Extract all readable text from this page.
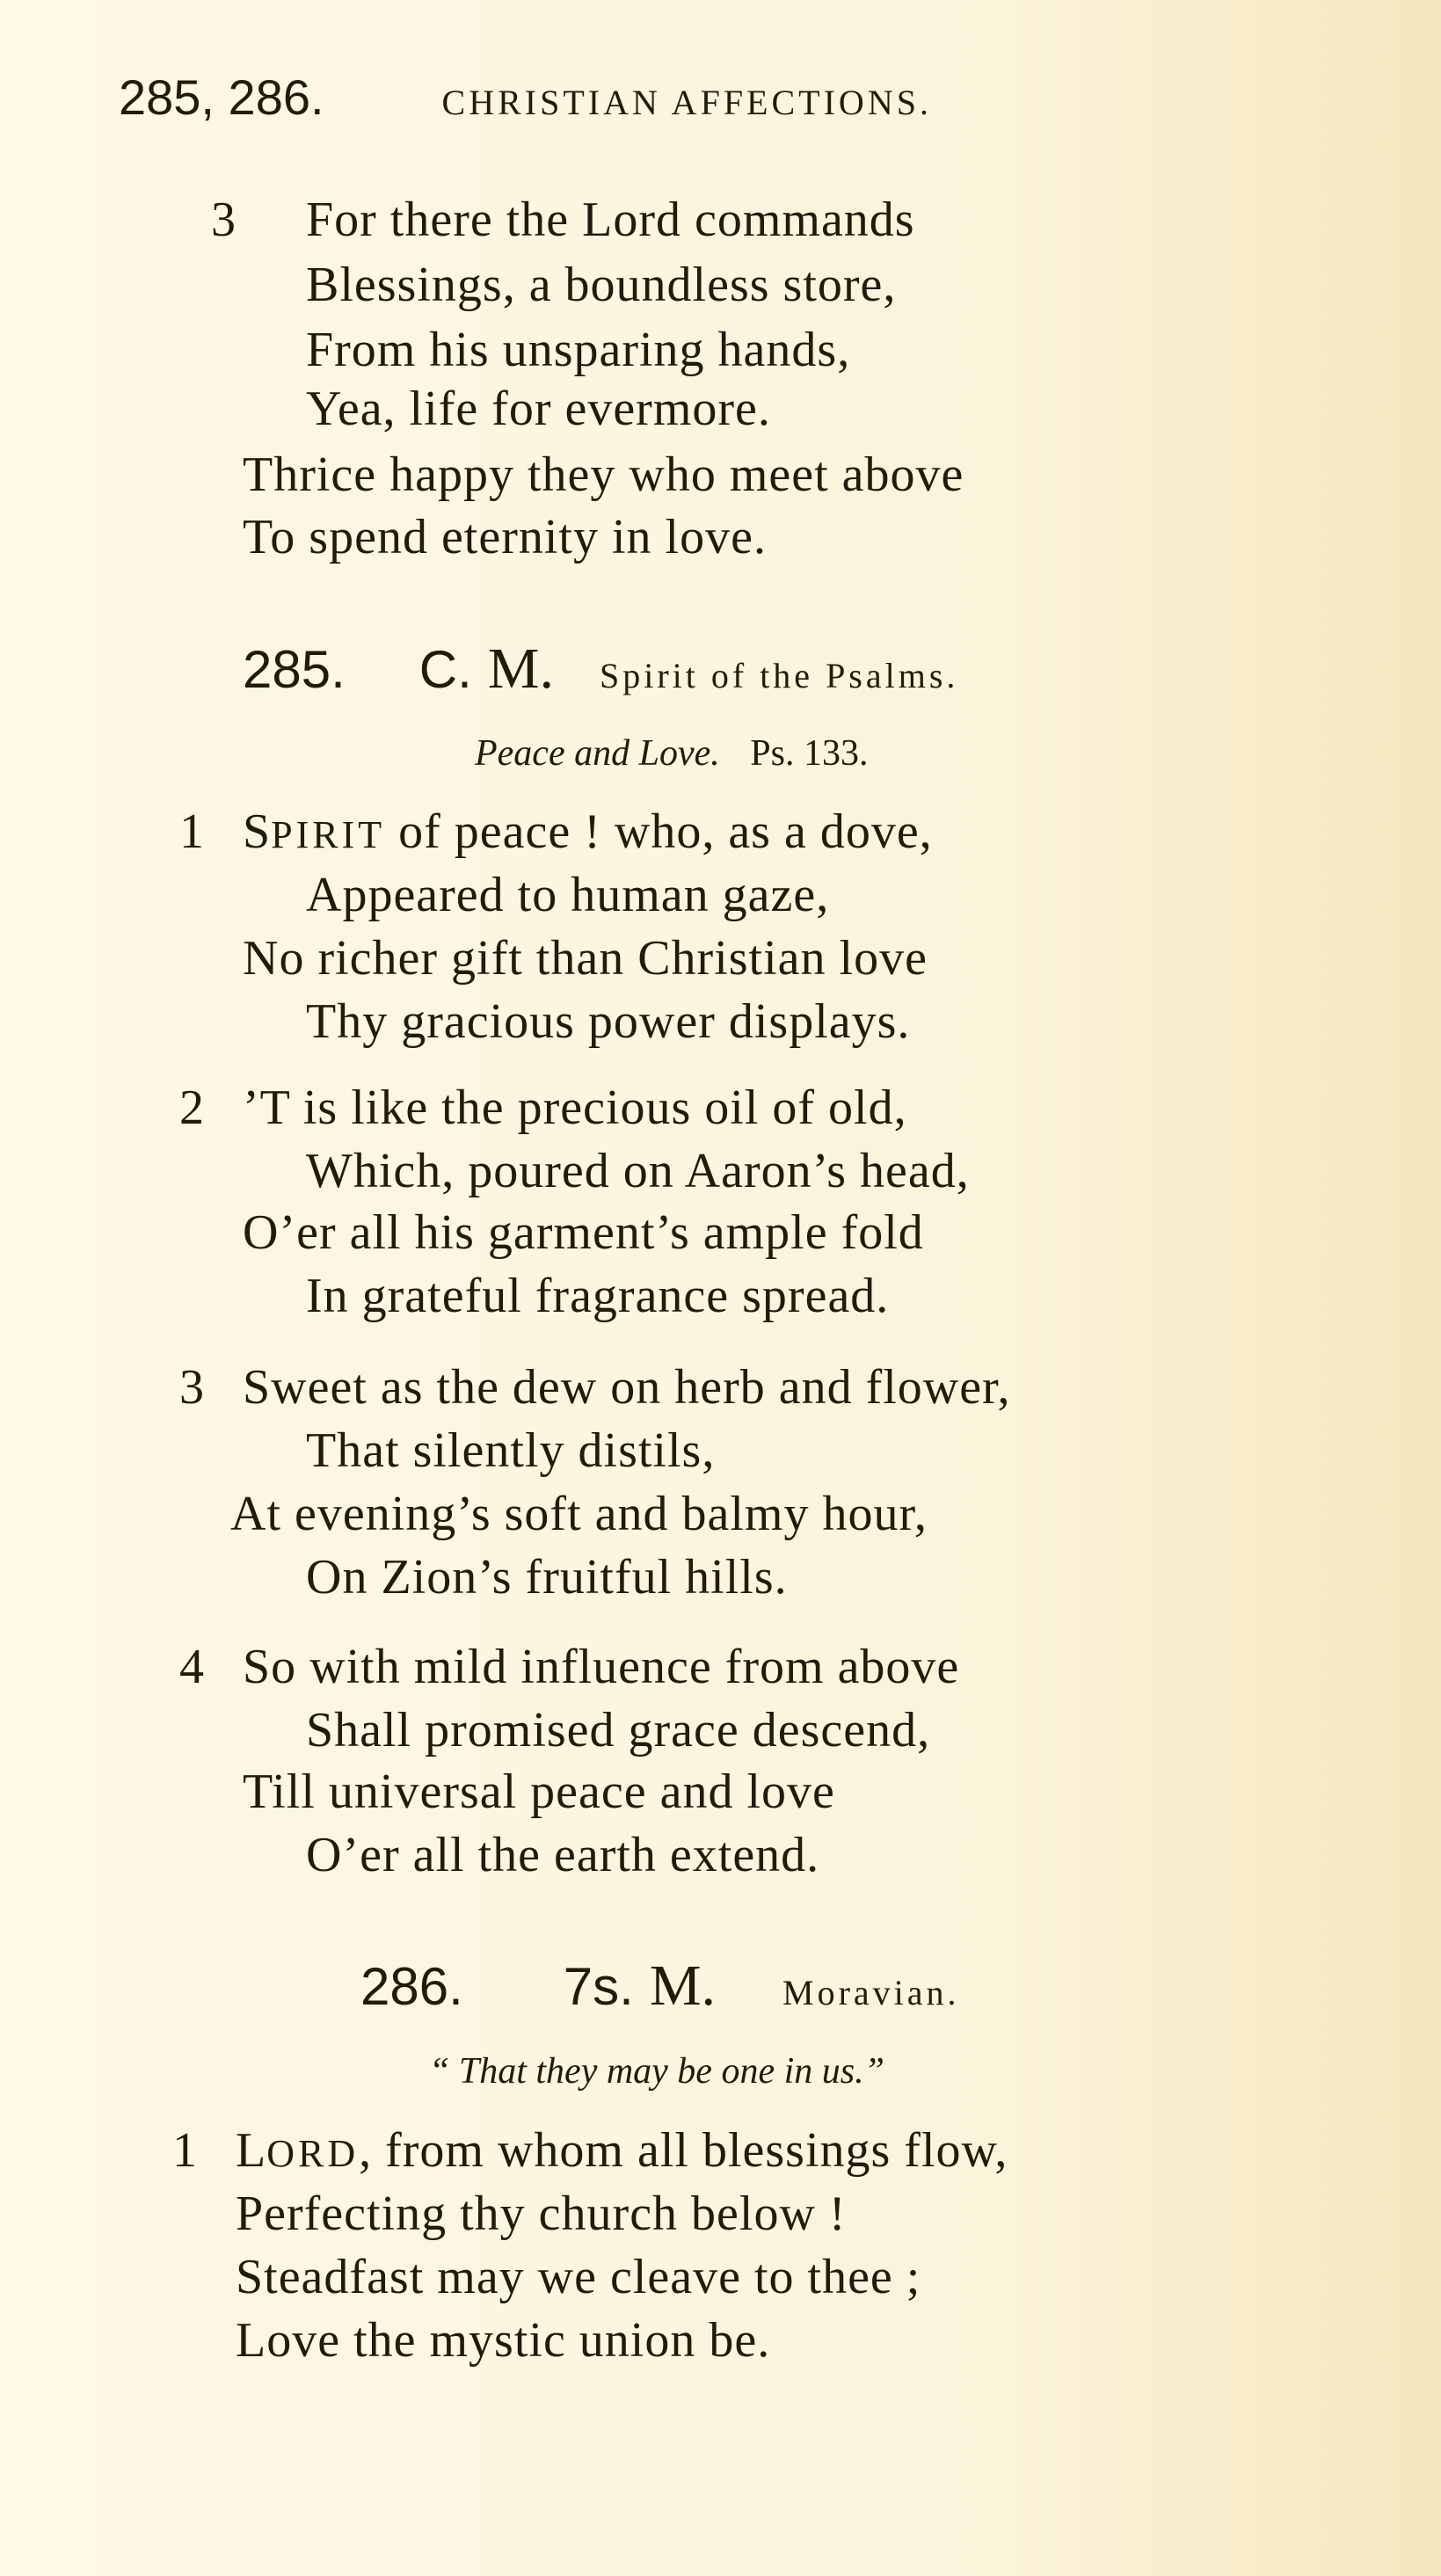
285, 286.	CHRISTIAN AFFECTIONS.
3 For there the Lord commands
Blessings, a boundless store,
From his unsparing hands,
Yea, life for evermore.
Thrice happy they who meet above
To spend eternity in love.
285. C. M. Spirit of the Psalms.
Peace and Love. Ps. 133.
1 SPIRIT of peace ! who, as a dove,
Appeared to human gaze,
No richer gift than Christian love
Thy gracious power displays.
2 ’T is like the precious oil of old,
Which, poured on Aaron’s head,
O’er all his garment’s ample fold
In grateful fragrance spread.
3 Sweet as the dew on herb and flower,
That silently distils,
At evening’s soft and balmy hour,
On Zion’s fruitful hills.
4 So with mild influence from above
Shall promised grace descend,
Till universal peace and love
O’er all the earth extend.
286. 7s. M. Moravian.
“ That they may be one in us.”
1 LORD, from whom all blessings flow,
Perfecting thy church below !
Steadfast may we cleave to thee ;
Love the mystic union be.
